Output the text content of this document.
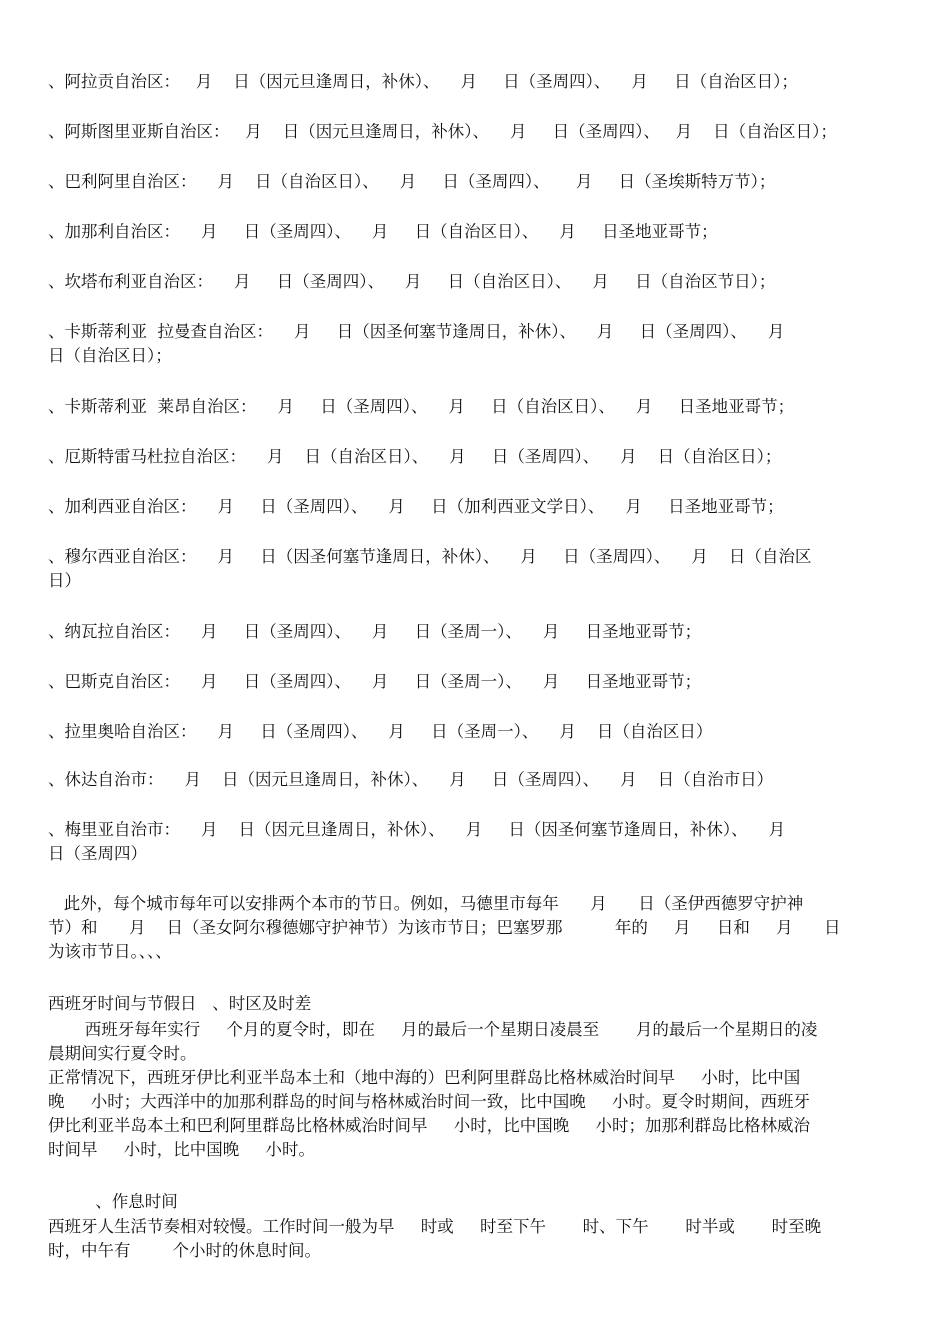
、阿拉贡自治区：   月    日（因元旦逢周日，补休）、    月     日（圣周四）、    月     日（自治区日）；
、阿斯图里亚斯自治区：   月    日（因元旦逢周日，补休）、    月     日（圣周四）、   月    日（自治区日）；
、巴利阿里自治区：    月    日（自治区日）、    月     日（圣周四）、     月     日（圣埃斯特万节）；
、加那利自治区：    月     日（圣周四）、    月     日（自治区日）、    月     日圣地亚哥节；
、坎塔布利亚自治区：    月     日（圣周四）、    月     日（自治区日）、    月     日（自治区节日）；
、卡斯蒂利亚  拉曼查自治区：    月     日（因圣何塞节逢周日，补休）、    月     日（圣周四）、    月
日（自治区日）；
、卡斯蒂利亚  莱昂自治区：    月     日（圣周四）、    月     日（自治区日）、    月     日圣地亚哥节；
、厄斯特雷马杜拉自治区：    月    日（自治区日）、    月     日（圣周四）、    月    日（自治区日）；
、加利西亚自治区：    月     日（圣周四）、    月     日（加利西亚文学日）、    月     日圣地亚哥节；
、穆尔西亚自治区：    月     日（因圣何塞节逢周日，补休）、    月     日（圣周四）、    月    日（自治区
日）
、纳瓦拉自治区：    月     日（圣周四）、    月     日（圣周一）、    月     日圣地亚哥节；
、巴斯克自治区：    月     日（圣周四）、    月     日（圣周一）、    月     日圣地亚哥节；
、拉里奥哈自治区：    月     日（圣周四）、    月     日（圣周一）、    月    日（自治区日）
、休达自治市：    月    日（因元旦逢周日，补休）、    月     日（圣周四）、    月    日（自治市日）
、梅里亚自治市：    月    日（因元旦逢周日，补休）、    月     日（因圣何塞节逢周日，补休）、    月
日（圣周四）
此外，每个城市每年可以安排两个本市的节日。例如，马德里市每年      月      日（圣伊西德罗守护神
节）和      月    日（圣女阿尔穆德娜守护神节）为该市节日；巴塞罗那          年的     月     日和     月      日
为该市节日。、、、
西班牙时间与节假日   、时区及时差
西班牙每年实行     个月的夏令时，即在     月的最后一个星期日凌晨至       月的最后一个星期日的凌
晨期间实行夏令时。
正常情况下，西班牙伊比利亚半岛本土和（地中海的）巴利阿里群岛比格林威治时间早     小时，比中国
晚     小时；大西洋中的加那利群岛的时间与格林威治时间一致，比中国晚     小时。夏令时期间，西班牙
伊比利亚半岛本土和巴利阿里群岛比格林威治时间早     小时，比中国晚     小时；加那利群岛比格林威治
时间早     小时，比中国晚     小时。
、作息时间
西班牙人生活节奏相对较慢。工作时间一般为早     时或     时至下午       时、下午       时半或       时至晚
时，中午有        个小时的休息时间。
